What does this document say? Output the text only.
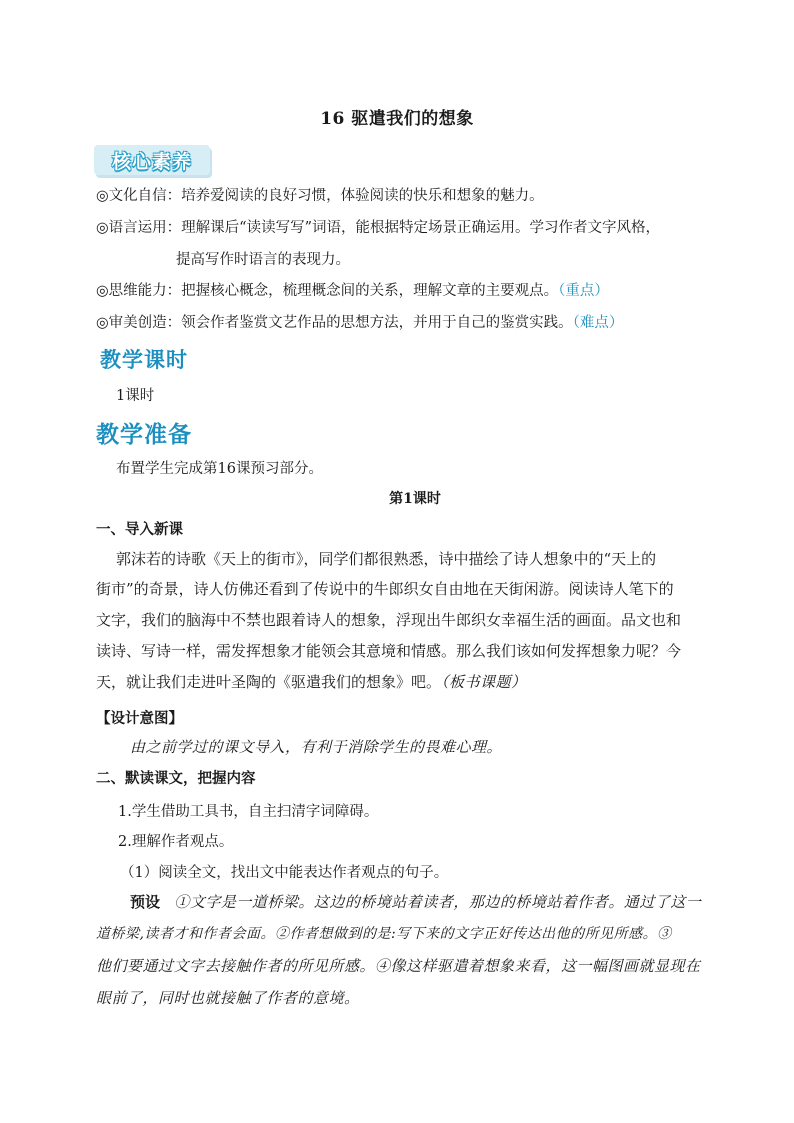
16 驱遣我们的想象
核心素养
◎文化自信：培养爱阅读的良好习惯，体验阅读的快乐和想象的魅力。
◎语言运用：理解课后“读读写写”词语，能根据特定场景正确运用。学习作者文字风格，
提高写作时语言的表现力。
◎思维能力：把握核心概念，梳理概念间的关系，理解文章的主要观点。（重点）
◎审美创造：领会作者鉴赏文艺作品的思想方法，并用于自己的鉴赏实践。（难点）
教学课时
1课时
教学准备
布置学生完成第16课预习部分。
第1课时
一、导入新课
郭沫若的诗歌《天上的街市》，同学们都很熟悉，诗中描绘了诗人想象中的“天上的
街市”的奇景，诗人仿佛还看到了传说中的牛郎织女自由地在天街闲游。阅读诗人笔下的
文字，我们的脑海中不禁也跟着诗人的想象，浮现出牛郎织女幸福生活的画面。品文也和
读诗、写诗一样，需发挥想象才能领会其意境和情感。那么我们该如何发挥想象力呢？今
天，就让我们走进叶圣陶的《驱遣我们的想象》吧。（板书课题）
【设计意图】
由之前学过的课文导入，有利于消除学生的畏难心理。
二、默读课文，把握内容
1.学生借助工具书，自主扫清字词障碍。
2.理解作者观点。
（1）阅读全文，找出文中能表达作者观点的句子。
预设 ①文字是一道桥梁。这边的桥境站着读者，那边的桥境站着作者。通过了这一
道桥梁,读者才和作者会面。②作者想做到的是:写下来的文字正好传达出他的所见所感。③
他们要通过文字去接触作者的所见所感。④像这样驱遣着想象来看，这一幅图画就显现在
眼前了，同时也就接触了作者的意境。
